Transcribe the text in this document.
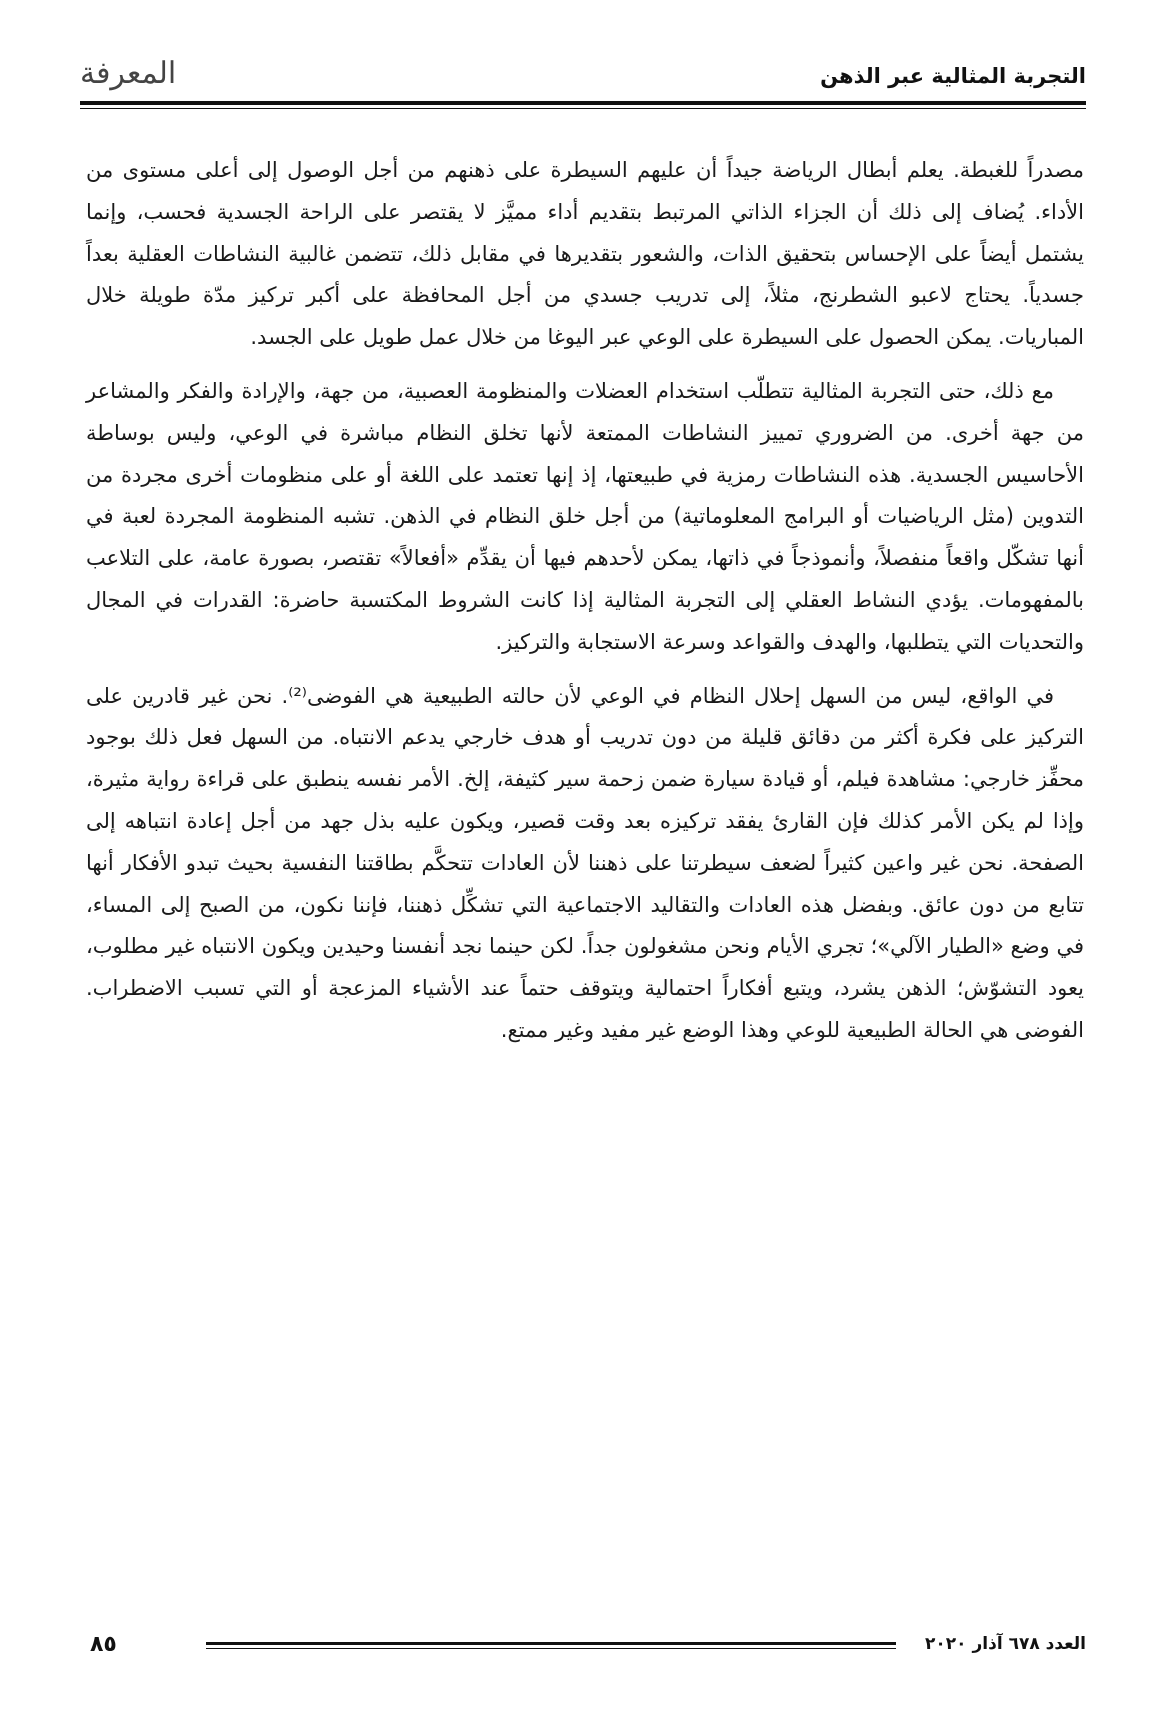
التجربة المثالية عبر الذهن
المعرفة

مصدراً للغبطة. يعلم أبطال الرياضة جيداً أن عليهم السيطرة على ذهنهم من أجل الوصول إلى أعلى مستوى من الأداء. يُضاف إلى ذلك أن الجزاء الذاتي المرتبط بتقديم أداء مميَّز لا يقتصر على الراحة الجسدية فحسب، وإنما يشتمل أيضاً على الإحساس بتحقيق الذات، والشعور بتقديرها في مقابل ذلك، تتضمن غالبية النشاطات العقلية بعداً جسدياً. يحتاج لاعبو الشطرنج، مثلاً، إلى تدريب جسدي من أجل المحافظة على أكبر تركيز مدّة طويلة خلال المباريات. يمكن الحصول على السيطرة على الوعي عبر اليوغا من خلال عمل طويل على الجسد.

مع ذلك، حتى التجربة المثالية تتطلّب استخدام العضلات والمنظومة العصبية، من جهة، والإرادة والفكر والمشاعر من جهة أخرى. من الضروري تمييز النشاطات الممتعة لأنها تخلق النظام مباشرة في الوعي، وليس بوساطة الأحاسيس الجسدية. هذه النشاطات رمزية في طبيعتها، إذ إنها تعتمد على اللغة أو على منظومات أخرى مجردة من التدوين (مثل الرياضيات أو البرامج المعلوماتية) من أجل خلق النظام في الذهن. تشبه المنظومة المجردة لعبة في أنها تشكّل واقعاً منفصلاً، وأنموذجاً في ذاتها، يمكن لأحدهم فيها أن يقدِّم «أفعالاً» تقتصر، بصورة عامة، على التلاعب بالمفهومات. يؤدي النشاط العقلي إلى التجربة المثالية إذا كانت الشروط المكتسبة حاضرة: القدرات في المجال والتحديات التي يتطلبها، والهدف والقواعد وسرعة الاستجابة والتركيز.

في الواقع، ليس من السهل إحلال النظام في الوعي لأن حالته الطبيعية هي الفوضى⁽²⁾. نحن غير قادرين على التركيز على فكرة أكثر من دقائق قليلة من دون تدريب أو هدف خارجي يدعم الانتباه. من السهل فعل ذلك بوجود محفِّز خارجي: مشاهدة فيلم، أو قيادة سيارة ضمن زحمة سير كثيفة، إلخ. الأمر نفسه ينطبق على قراءة رواية مثيرة، وإذا لم يكن الأمر كذلك فإن القارئ يفقد تركيزه بعد وقت قصير، ويكون عليه بذل جهد من أجل إعادة انتباهه إلى الصفحة. نحن غير واعين كثيراً لضعف سيطرتنا على ذهننا لأن العادات تتحكَّم بطاقتنا النفسية بحيث تبدو الأفكار أنها تتابع من دون عائق. وبفضل هذه العادات والتقاليد الاجتماعية التي تشكِّل ذهننا، فإننا نكون، من الصبح إلى المساء، في وضع «الطيار الآلي»؛ تجري الأيام ونحن مشغولون جداً. لكن حينما نجد أنفسنا وحيدين ويكون الانتباه غير مطلوب، يعود التشوّش؛ الذهن يشرد، ويتبع أفكاراً احتمالية ويتوقف حتماً عند الأشياء المزعجة أو التي تسبب الاضطراب. الفوضى هي الحالة الطبيعية للوعي وهذا الوضع غير مفيد وغير ممتع.

العدد ٦٧٨ آذار ٢٠٢٠
٨٥
